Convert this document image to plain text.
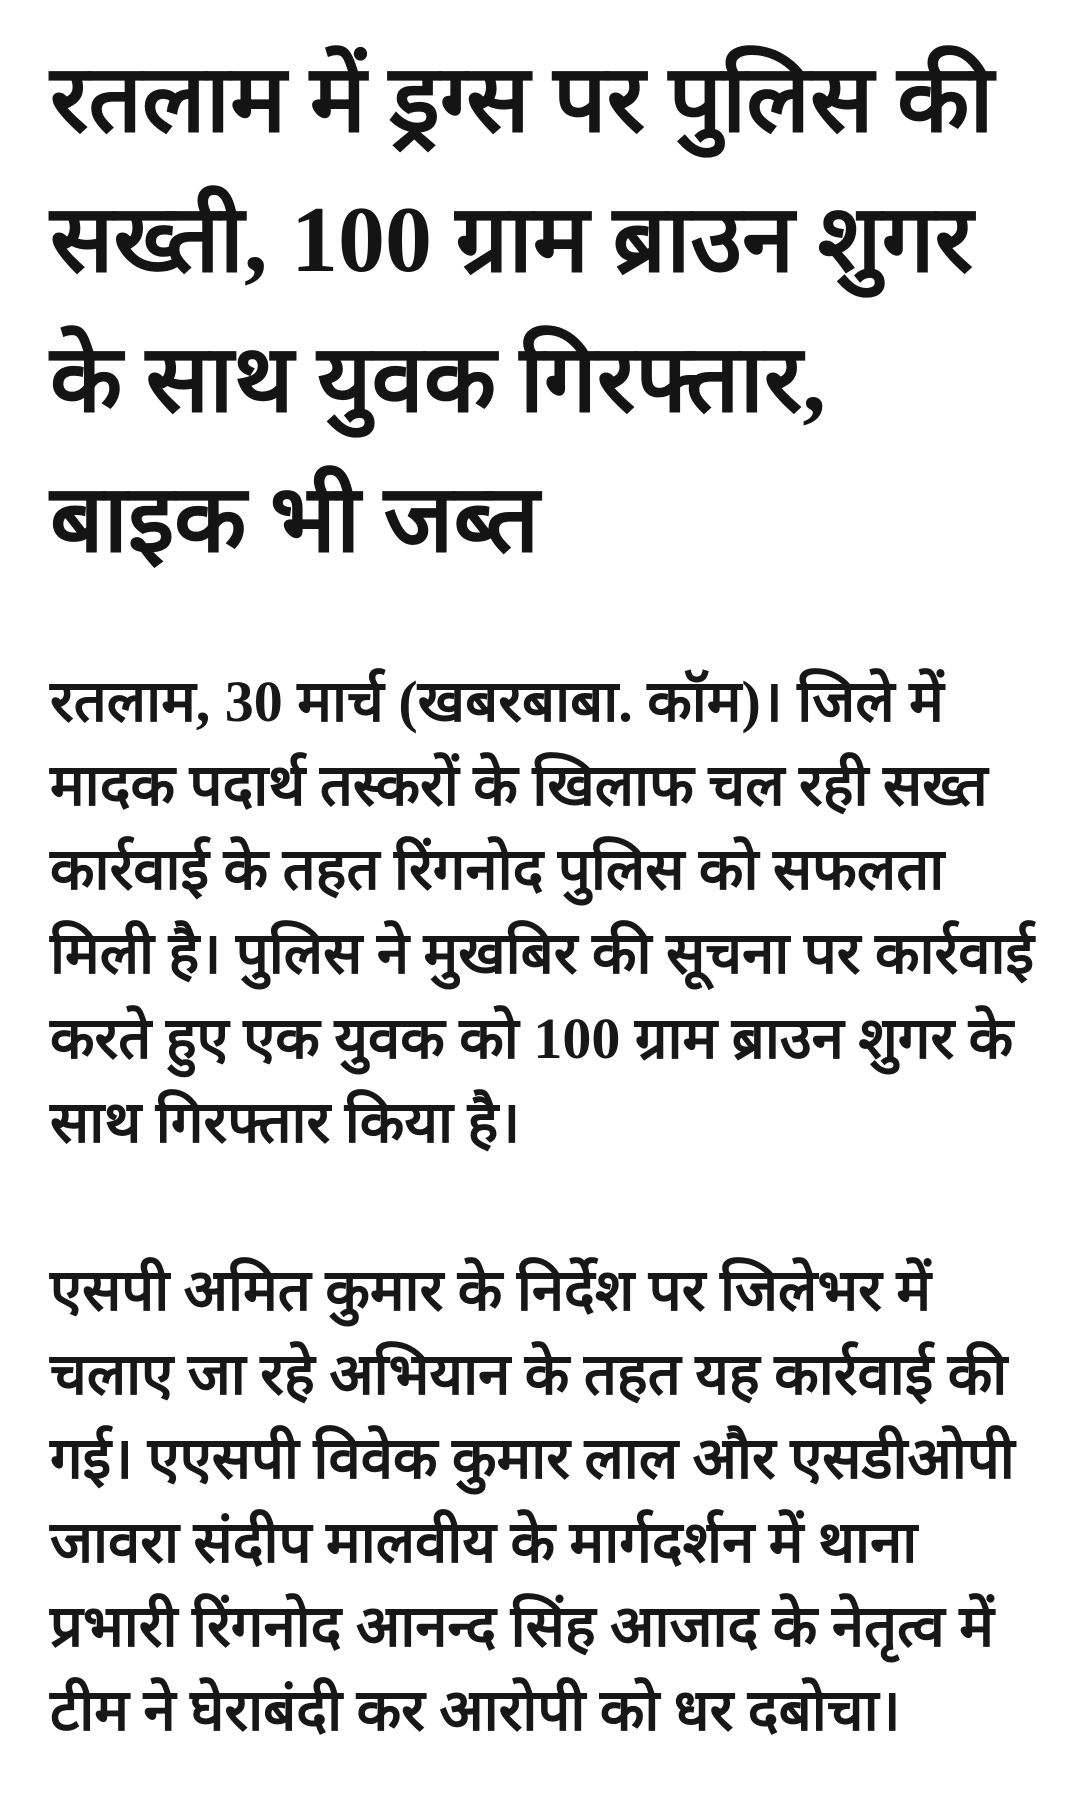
रतलाम में ड्रग्स पर पुलिस की सख्ती, 100 ग्राम ब्राउन शुगर के साथ युवक गिरफ्तार, बाइक भी जब्त

रतलाम, 30 मार्च (खबरबाबा. कॉम)। जिले में मादक पदार्थ तस्करों के खिलाफ चल रही सख्त कार्रवाई के तहत रिंगनोद पुलिस को सफलता मिली है। पुलिस ने मुखबिर की सूचना पर कार्रवाई करते हुए एक युवक को 100 ग्राम ब्राउन शुगर के साथ गिरफ्तार किया है।

एसपी अमित कुमार के निर्देश पर जिलेभर में चलाए जा रहे अभियान के तहत यह कार्रवाई की गई। एएसपी विवेक कुमार लाल और एसडीओपी जावरा संदीप मालवीय के मार्गदर्शन में थाना प्रभारी रिंगनोद आनन्द सिंह आजाद के नेतृत्व में टीम ने घेराबंदी कर आरोपी को धर दबोचा।
